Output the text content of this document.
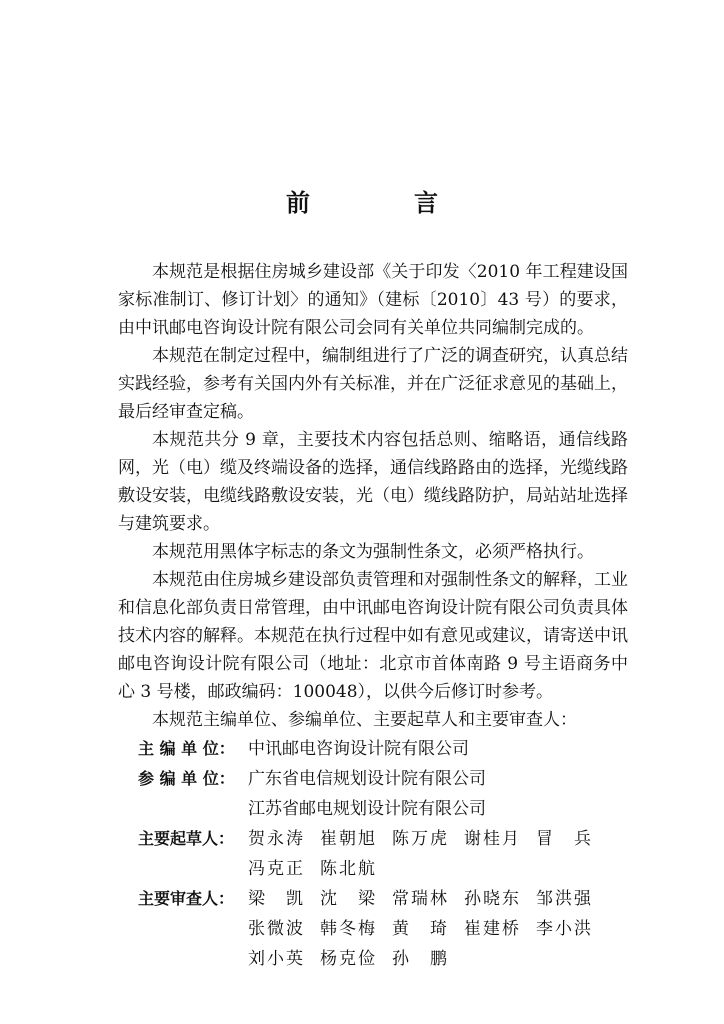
前　言

本规范是根据住房城乡建设部《关于印发〈2010 年工程建设国家标准制订、修订计划〉的通知》（建标〔2010〕43 号）的要求，由中讯邮电咨询设计院有限公司会同有关单位共同编制完成的。

本规范在制定过程中，编制组进行了广泛的调查研究，认真总结实践经验，参考有关国内外有关标准，并在广泛征求意见的基础上，最后经审查定稿。

本规范共分 9 章，主要技术内容包括总则、缩略语，通信线路网，光（电）缆及终端设备的选择，通信线路路由的选择，光缆线路敷设安装，电缆线路敷设安装，光（电）缆线路防护，局站站址选择与建筑要求。

本规范用黑体字标志的条文为强制性条文，必须严格执行。

本规范由住房城乡建设部负责管理和对强制性条文的解释，工业和信息化部负责日常管理，由中讯邮电咨询设计院有限公司负责具体技术内容的解释。本规范在执行过程中如有意见或建议，请寄送中讯邮电咨询设计院有限公司（地址：北京市首体南路 9 号主语商务中心 3 号楼，邮政编码：100048），以供今后修订时参考。

本规范主编单位、参编单位、主要起草人和主要审查人：

主 编 单 位： 中讯邮电咨询设计院有限公司
参 编 单 位： 广东省电信规划设计院有限公司
江苏省邮电规划设计院有限公司
主要起草人： 贺永涛 崔朝旭 陈万虎 谢桂月 冒　兵
冯克正 陈北航
主要审查人： 梁　凯 沈　梁 常瑞林 孙晓东 邹洪强
张微波 韩冬梅 黄　琦 崔建桥 李小洪
刘小英 杨克俭 孙　鹏
